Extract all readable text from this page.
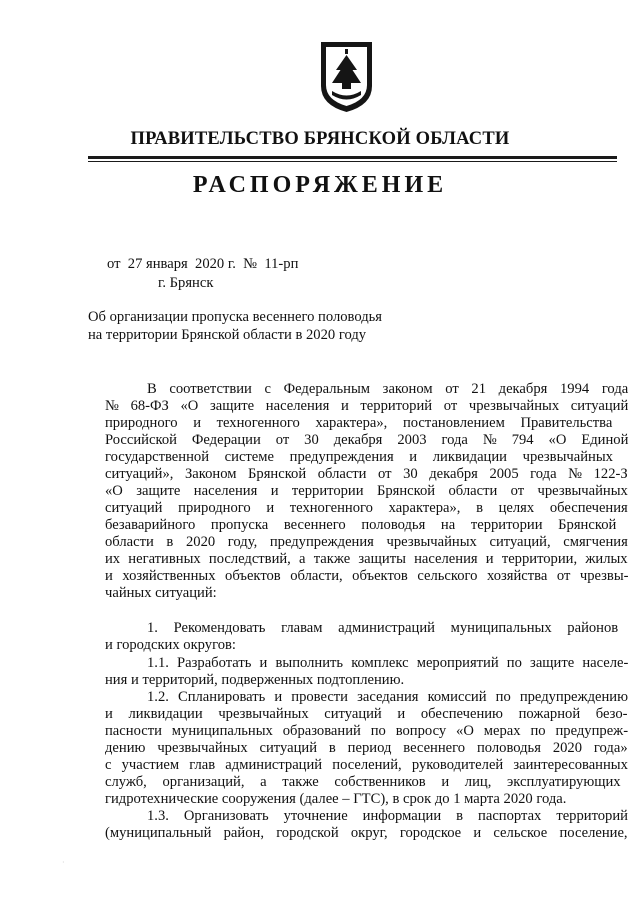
ПРАВИТЕЛЬСТВО БРЯНСКОЙ ОБЛАСТИ
РАСПОРЯЖЕНИЕ
от  27 января  2020 г.  №  11-рп
г. Брянск
Об организации пропуска весеннего половодья
на территории Брянской области в 2020 году
В соответствии с Федеральным законом от 21 декабря 1994 года
№ 68-ФЗ «О защите населения и территорий от чрезвычайных ситуаций
природного и техногенного характера», постановлением Правительства
Российской Федерации от 30 декабря 2003 года № 794 «О Единой
государственной системе предупреждения и ликвидации чрезвычайных
ситуаций», Законом Брянской области от 30 декабря 2005 года № 122-З
«О защите населения и территории Брянской области от чрезвычайных
ситуаций природного и техногенного характера», в целях обеспечения
безаварийного пропуска весеннего половодья на территории Брянской
области в 2020 году, предупреждения чрезвычайных ситуаций, смягчения
их негативных последствий, а также защиты населения и территории, жилых
и хозяйственных объектов области, объектов сельского хозяйства от чрезвы-
чайных ситуаций:
1. Рекомендовать главам администраций муниципальных районов
и городских округов:
1.1. Разработать и выполнить комплекс мероприятий по защите населе-
ния и территорий, подверженных подтоплению.
1.2. Спланировать и провести заседания комиссий по предупреждению
и ликвидации чрезвычайных ситуаций и обеспечению пожарной безо-
пасности муниципальных образований по вопросу «О мерах по предупреж-
дению чрезвычайных ситуаций в период весеннего половодья 2020 года»
с участием глав администраций поселений, руководителей заинтересованных
служб, организаций, а также собственников и лиц, эксплуатирующих
гидротехнические сооружения (далее – ГТС), в срок до 1 марта 2020 года.
1.3. Организовать уточнение информации в паспортах территорий
(муниципальный район, городской округ, городское и сельское поселение,
·
